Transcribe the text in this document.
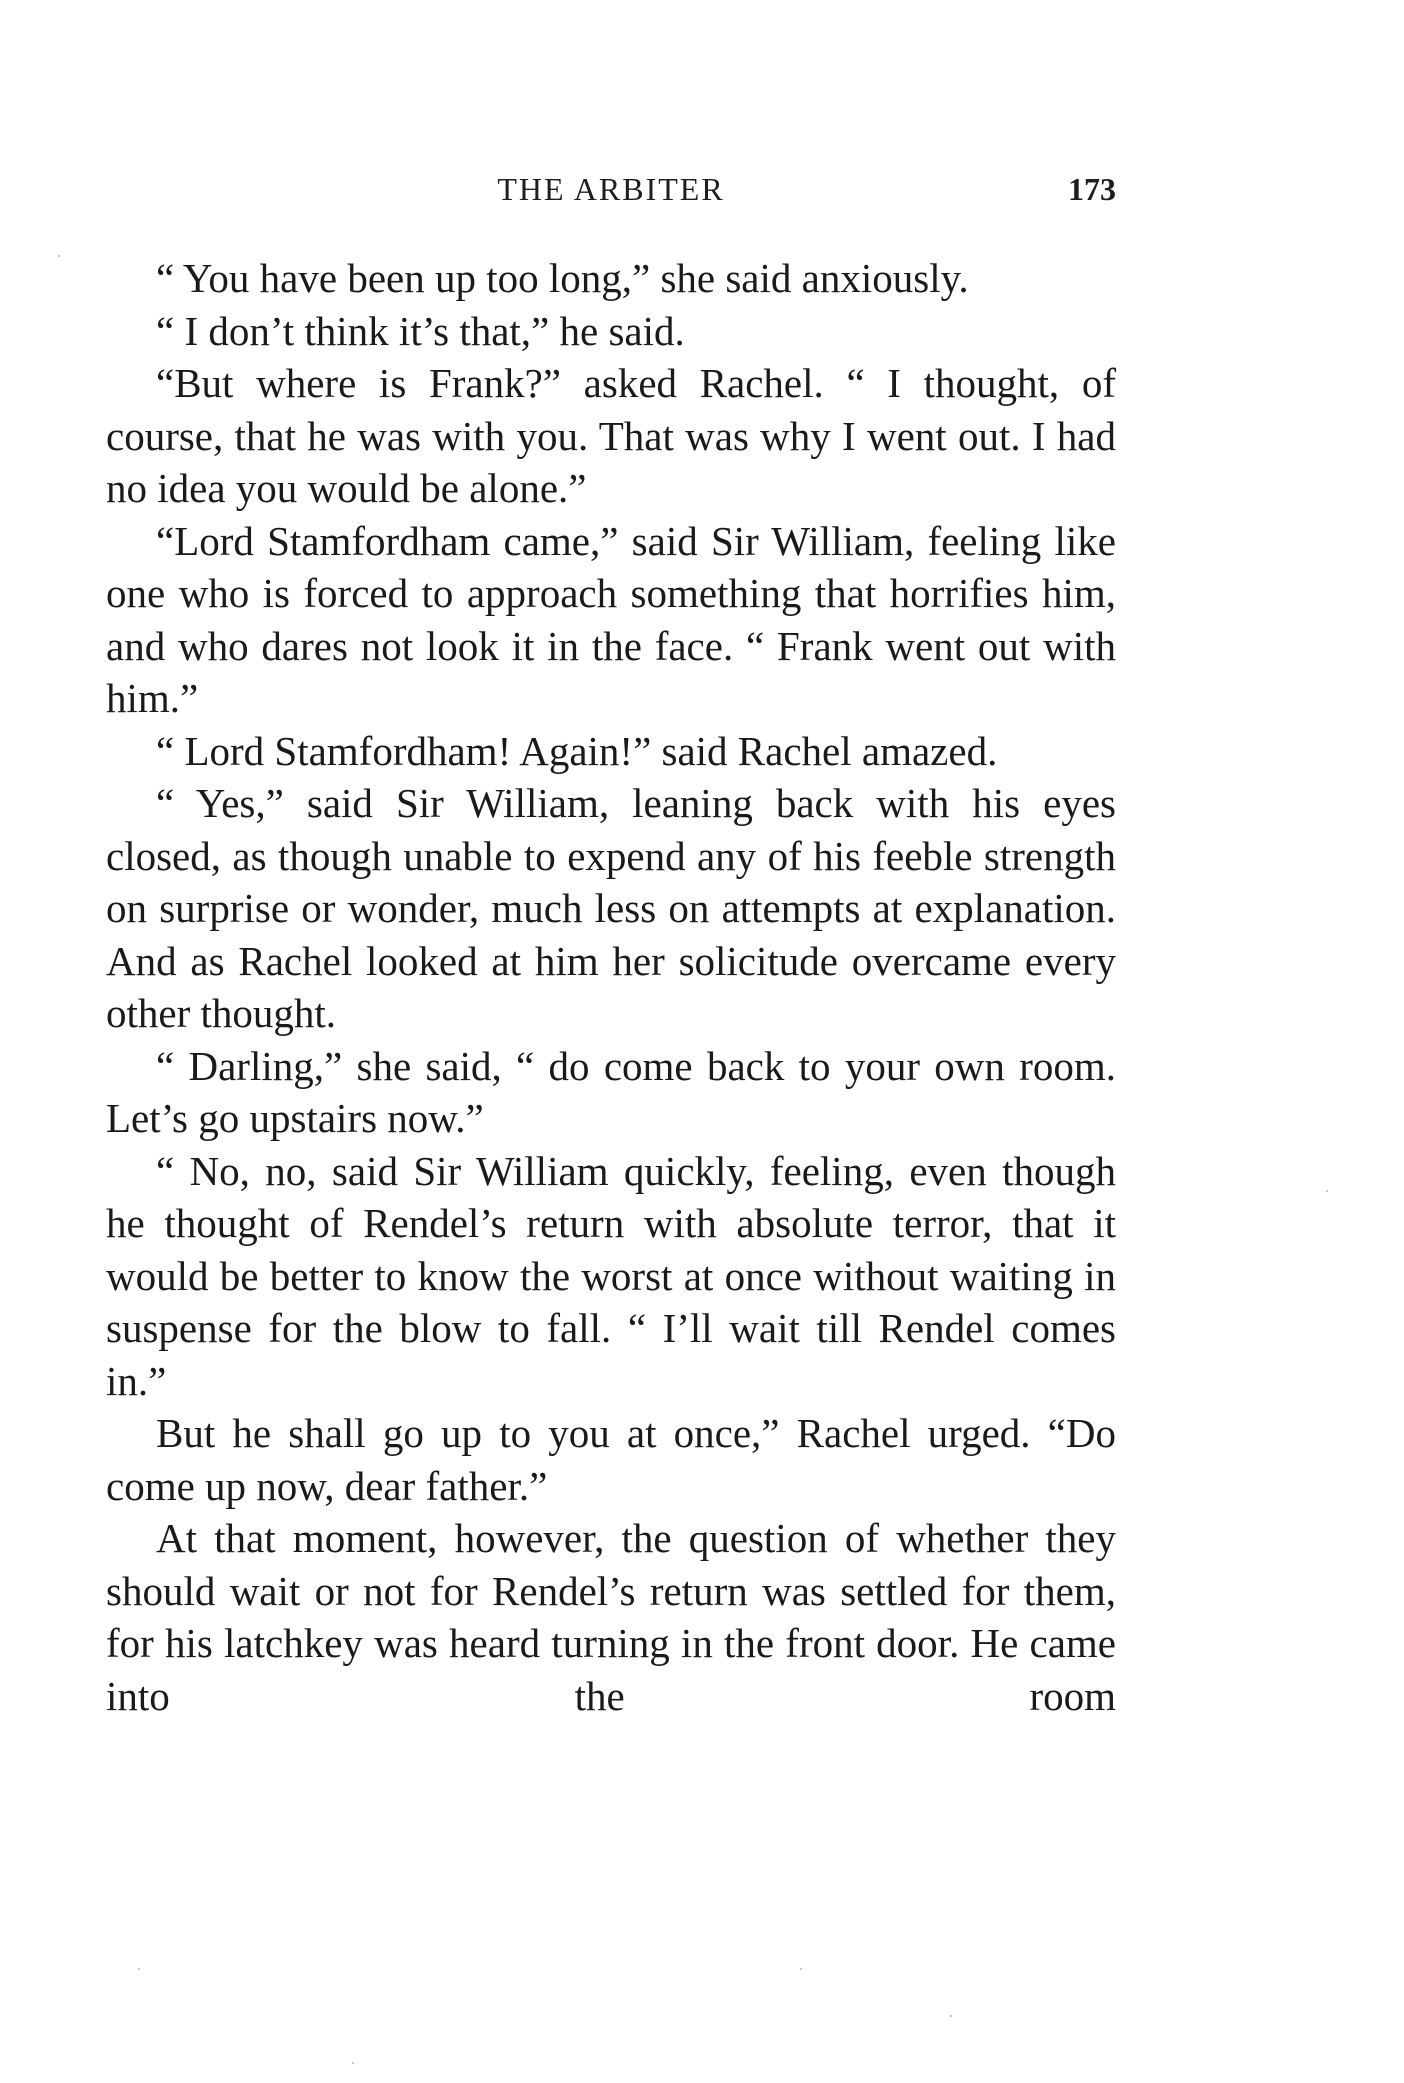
THE ARBITER	173

“ You have been up too long,” she said anxiously.

“ I don’t think it’s that,” he said.

“But where is Frank?” asked Rachel. “ I thought, of course, that he was with you. That was why I went out. I had no idea you would be alone.”

“Lord Stamfordham came,” said Sir William, feeling like one who is forced to approach something that horrifies him, and who dares not look it in the face. “ Frank went out with him.”

“ Lord Stamfordham! Again!” said Rachel amazed.

“ Yes,” said Sir William, leaning back with his eyes closed, as though unable to expend any of his feeble strength on surprise or wonder, much less on attempts at explanation. And as Rachel looked at him her solicitude overcame every other thought.

“ Darling,” she said, “ do come back to your own room. Let’s go upstairs now.”

“ No, no, said Sir William quickly, feeling, even though he thought of Rendel’s return with absolute terror, that it would be better to know the worst at once without waiting in suspense for the blow to fall. “ I’ll wait till Rendel comes in.”

But he shall go up to you at once,” Rachel urged. “Do come up now, dear father.”

At that moment, however, the question of whether they should wait or not for Rendel’s return was settled for them, for his latchkey was heard turning in the front door. He came into the room
